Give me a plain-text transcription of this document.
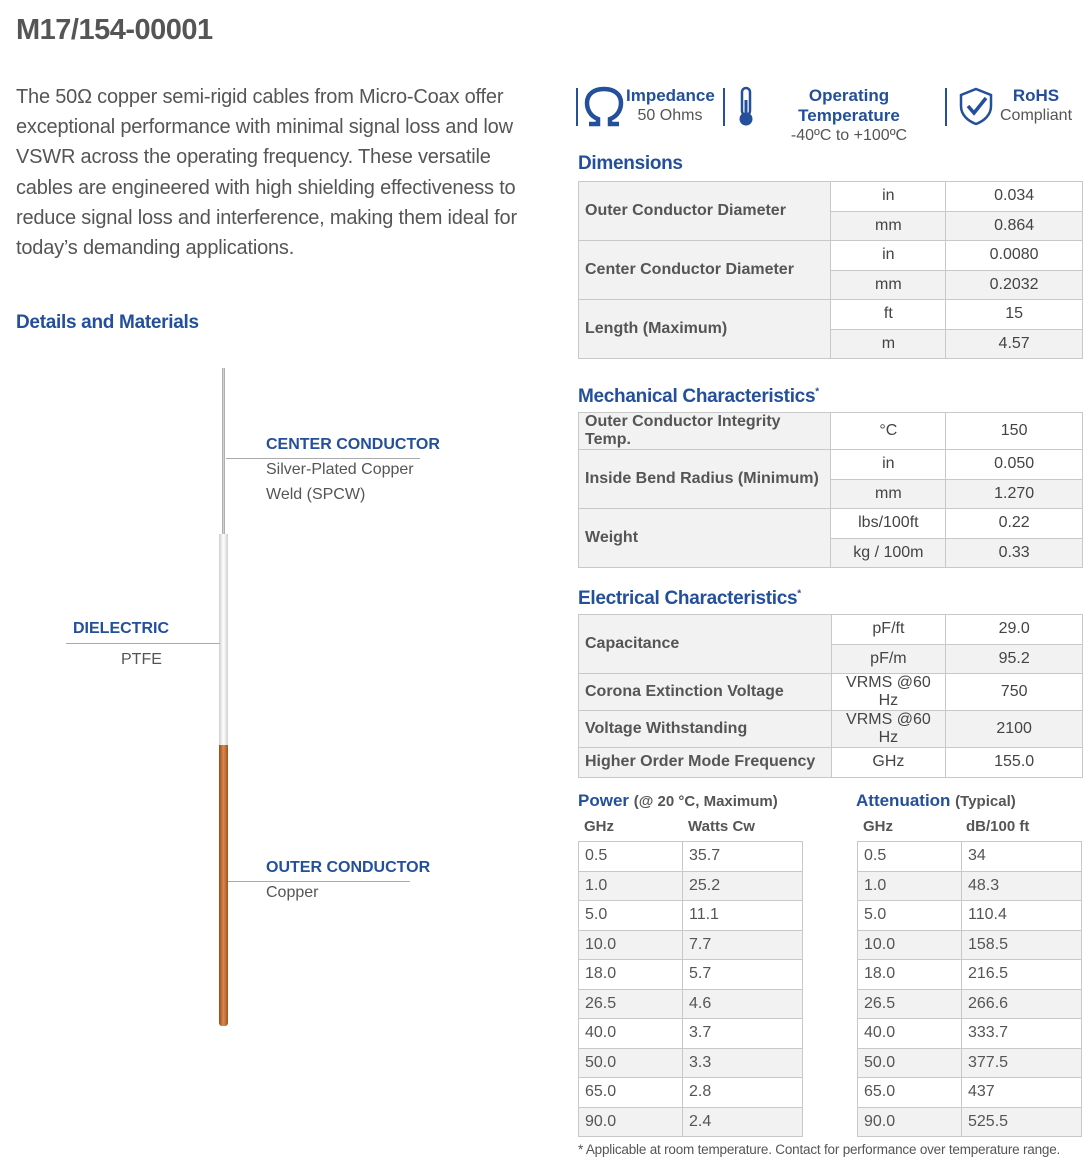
M17/154-00001
The 50Ω copper semi-rigid cables from Micro-Coax offer exceptional performance with minimal signal loss and low VSWR across the operating frequency. These versatile cables are engineered with high shielding effectiveness to reduce signal loss and interference, making them ideal for today’s demanding applications.
Details and Materials
CENTER CONDUCTOR
Silver-Plated Copper
Weld (SPCW)
DIELECTRIC
PTFE
OUTER CONDUCTOR
Copper
Impedance
50 Ohms
Operating Temperature
-40ºC to +100ºC
RoHS
Compliant
Dimensions
Outer Conductor Diameter	in	0.034
	mm	0.864
Center Conductor Diameter	in	0.0080
	mm	0.2032
Length (Maximum)	ft	15
	m	4.57
Mechanical Characteristics*
Outer Conductor Integrity Temp.	°C	150
Inside Bend Radius (Minimum)	in	0.050
	mm	1.270
Weight	lbs/100ft	0.22
	kg / 100m	0.33
Electrical Characteristics*
Capacitance	pF/ft	29.0
	pF/m	95.2
Corona Extinction Voltage	VRMS @60 Hz	750
Voltage Withstanding	VRMS @60 Hz	2100
Higher Order Mode Frequency	GHz	155.0
Power (@ 20 °C, Maximum)
GHz	Watts Cw
0.5	35.7
1.0	25.2
5.0	11.1
10.0	7.7
18.0	5.7
26.5	4.6
40.0	3.7
50.0	3.3
65.0	2.8
90.0	2.4
Attenuation (Typical)
GHz	dB/100 ft
0.5	34
1.0	48.3
5.0	110.4
10.0	158.5
18.0	216.5
26.5	266.6
40.0	333.7
50.0	377.5
65.0	437
90.0	525.5
* Applicable at room temperature. Contact for performance over temperature range.
